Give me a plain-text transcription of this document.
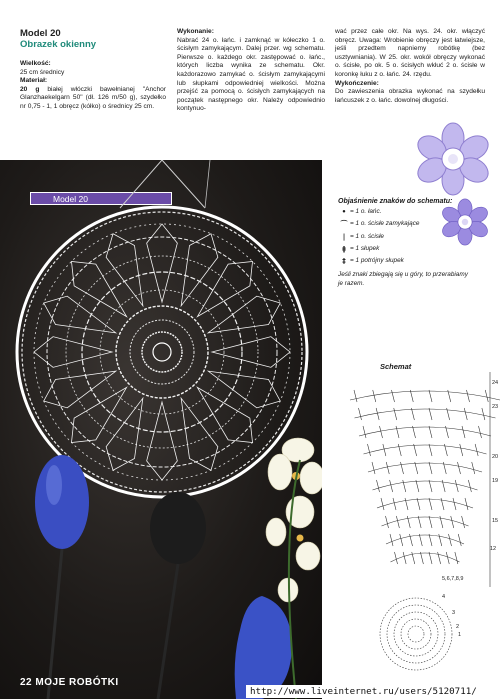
Model 20
Obrazek okienny
Wielkość:
25 cm średnicy
Materiał:
20 g białej włóczki bawełnianej "Anchor Glanzhaekelgarn 50" (dł. 126 m/50 g), szydełko nr 0,75 - 1, 1 obręcz (kółko) o średnicy 25 cm.
Wykonanie:
Nabrać 24 o. łańc. i zamknąć w kółeczko 1 o. ścisłym zamykającym. Dalej przer. wg schematu. Pierwsze o. każdego okr. zastępować o. łańc., których liczba wynika ze schematu. Okr. każdorazowo zamykać o. ścisłym zamykającymi lub słupkami odpowiedniej wielkości. Można przejść za pomocą o. ścisłych zamykających na początek następnego okr. Należy odpowiednio kontynuo-
wać przez całe okr. Na wys. 24. okr. włączyć obręcz. Uwaga: Wrobienie obręczy jest łatwiejsze, jeśli przedtem napniemy robótkę (bez usztywniania). W 25. okr. wokół obręczy wykonać o. ścisłe, po ok. 5 o. ścisłych wkłuć 2 o. ścisłe w koronkę łuku z o. łańc. 24. rzędu.
Wykończenie:
Do zawieszenia obrazka wykonać na szydełku łańcuszek z o. łańc. dowolnej długości.
Model 20	Objaśnienie znaków do schematu:
• = 1 o. łańc.
⌒ = 1 o. ścisłe zamykające
| = 1 o. ścisłe
ǂ = 1 słupek
‡ = 1 potrójny słupek
Jeśli znaki zbiegają się u góry, to przerabiamy je razem.
Schemat
24
23
20
19
15
12
5,6,7,8,9
4
3
2
1
22 MOJE ROBÓTKI
http://www.liveinternet.ru/users/5120711/
